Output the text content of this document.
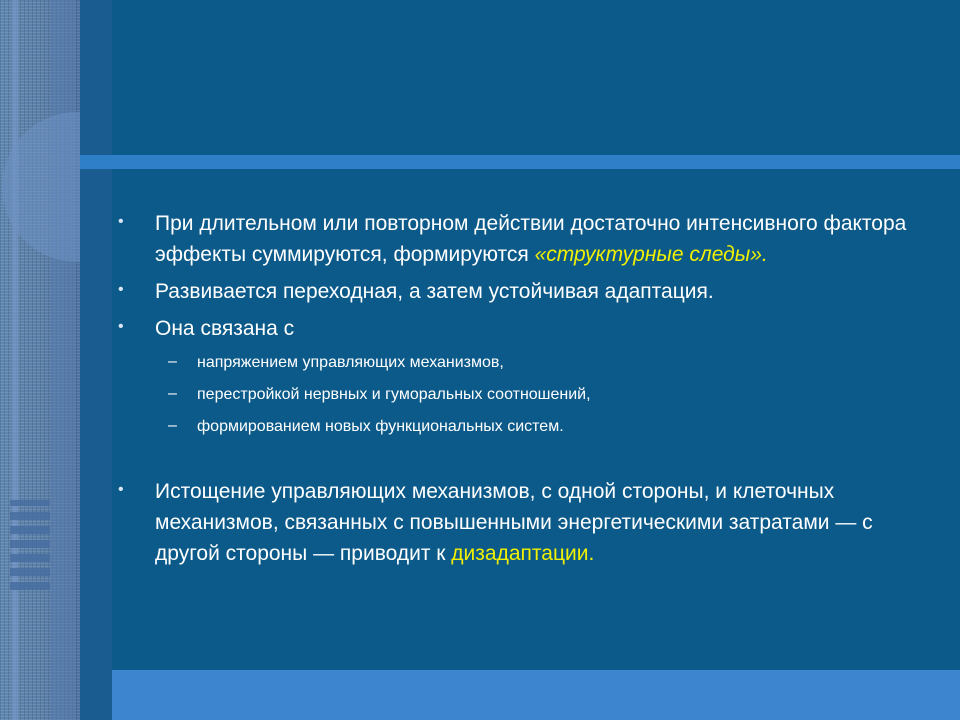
• При длительном или повторном действии достаточно интенсивного фактора эффекты суммируются, формируются «структурные следы».
• Развивается переходная, а затем устойчивая адаптация.
• Она связана с
– напряжением управляющих механизмов,
– перестройкой нервных и гуморальных соотношений,
– формированием новых функциональных систем.
• Истощение управляющих механизмов, с одной стороны, и клеточных механизмов, связанных с повышенными энергетическими затратами — с другой стороны — приводит к дизадаптации.
